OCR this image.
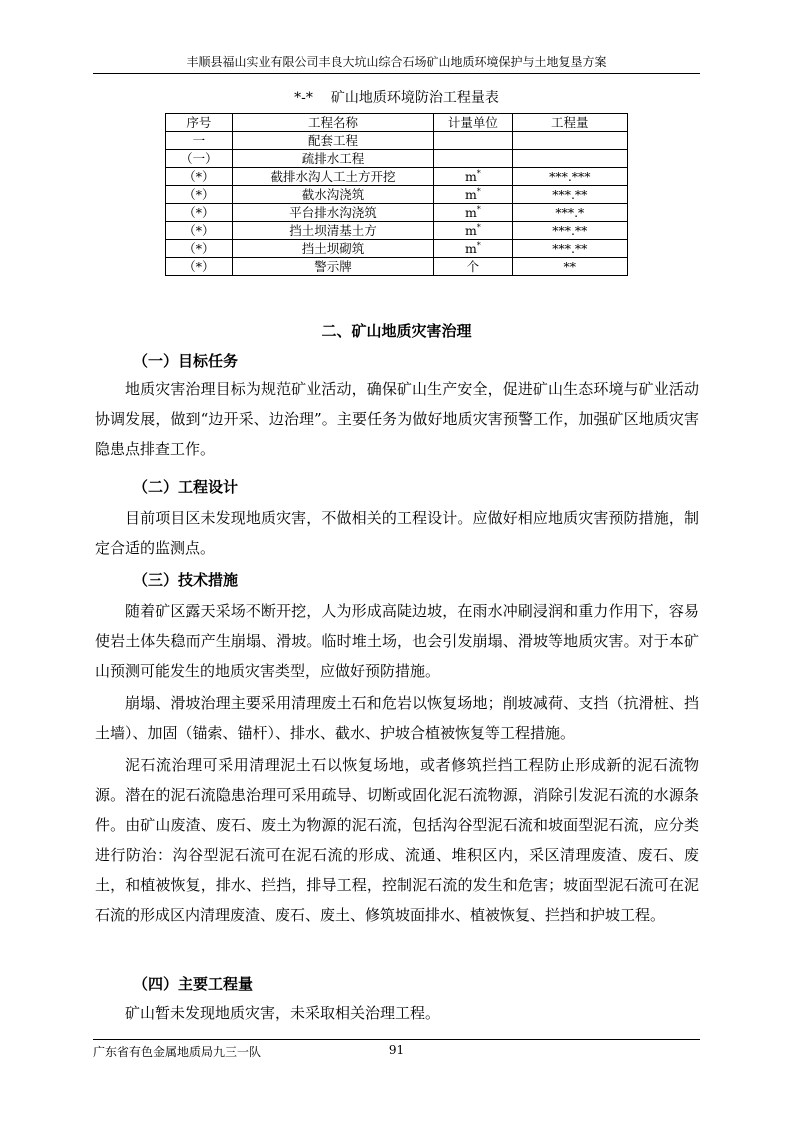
丰顺县福山实业有限公司丰良大坑山综合石场矿山地质环境保护与土地复垦方案
*-* 矿山地质环境防治工程量表
序号	工程名称	计量单位	工程量
一	配套工程		
（一）	疏排水工程		
（*）	截排水沟人工土方开挖	m*	***.***
（*）	截水沟浇筑	m*	***.**
（*）	平台排水沟浇筑	m*	***.*
（*）	挡土坝清基土方	m*	***.**
（*）	挡土坝砌筑	m*	***.**
（*）	警示牌	个	**
二、矿山地质灾害治理
（一）目标任务
地质灾害治理目标为规范矿业活动，确保矿山生产安全，促进矿山生态环境与矿业活动协调发展，做到“边开采、边治理”。主要任务为做好地质灾害预警工作，加强矿区地质灾害隐患点排查工作。
（二）工程设计
目前项目区未发现地质灾害，不做相关的工程设计。应做好相应地质灾害预防措施，制定合适的监测点。
（三）技术措施
随着矿区露天采场不断开挖，人为形成高陡边坡，在雨水冲刷浸润和重力作用下，容易使岩土体失稳而产生崩塌、滑坡。临时堆土场，也会引发崩塌、滑坡等地质灾害。对于本矿山预测可能发生的地质灾害类型，应做好预防措施。
崩塌、滑坡治理主要采用清理废土石和危岩以恢复场地；削坡减荷、支挡（抗滑桩、挡土墙）、加固（锚索、锚杆）、排水、截水、护坡合植被恢复等工程措施。
泥石流治理可采用清理泥土石以恢复场地，或者修筑拦挡工程防止形成新的泥石流物源。潜在的泥石流隐患治理可采用疏导、切断或固化泥石流物源，消除引发泥石流的水源条件。由矿山废渣、废石、废土为物源的泥石流，包括沟谷型泥石流和坡面型泥石流，应分类进行防治：沟谷型泥石流可在泥石流的形成、流通、堆积区内，采区清理废渣、废石、废土，和植被恢复，排水、拦挡，排导工程，控制泥石流的发生和危害；坡面型泥石流可在泥石流的形成区内清理废渣、废石、废土、修筑坡面排水、植被恢复、拦挡和护坡工程。
（四）主要工程量
矿山暂未发现地质灾害，未采取相关治理工程。
广东省有色金属地质局九三一队	91
